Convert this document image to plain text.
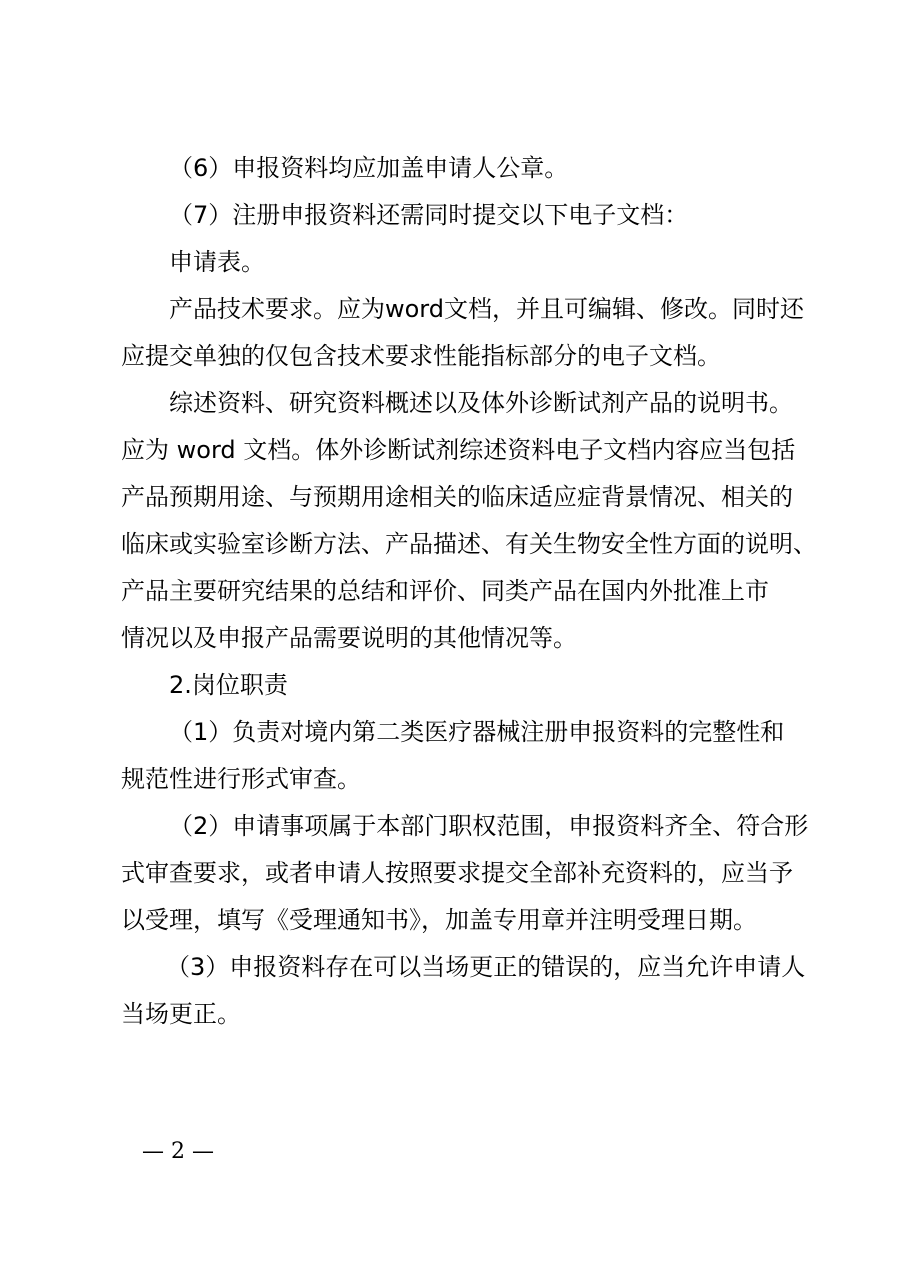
（6）申报资料均应加盖申请人公章。
（7）注册申报资料还需同时提交以下电子文档：
申请表。
产品技术要求。应为word文档，并且可编辑、修改。同时还
应提交单独的仅包含技术要求性能指标部分的电子文档。
综述资料、研究资料概述以及体外诊断试剂产品的说明书。
应为 word 文档。体外诊断试剂综述资料电子文档内容应当包括
产品预期用途、与预期用途相关的临床适应症背景情况、相关的
临床或实验室诊断方法、产品描述、有关生物安全性方面的说明、
产品主要研究结果的总结和评价、同类产品在国内外批准上市
情况以及申报产品需要说明的其他情况等。
2.岗位职责
（1）负责对境内第二类医疗器械注册申报资料的完整性和
规范性进行形式审查。
（2）申请事项属于本部门职权范围，申报资料齐全、符合形
式审查要求，或者申请人按照要求提交全部补充资料的，应当予
以受理，填写《受理通知书》，加盖专用章并注明受理日期。
（3）申报资料存在可以当场更正的错误的，应当允许申请人
当场更正。
— 2 —
